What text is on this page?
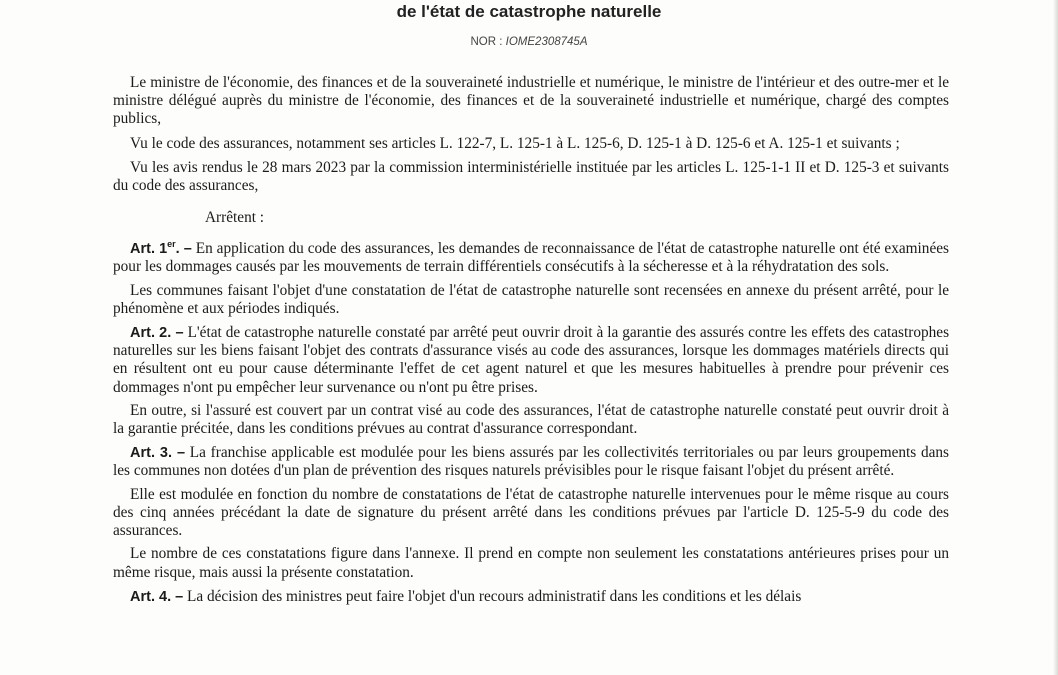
de l'état de catastrophe naturelle
NOR : IOME2308745A

Le ministre de l'économie, des finances et de la souveraineté industrielle et numérique, le ministre de l'intérieur et des outre-mer et le ministre délégué auprès du ministre de l'économie, des finances et de la souveraineté industrielle et numérique, chargé des comptes publics,

Vu le code des assurances, notamment ses articles L. 122-7, L. 125-1 à L. 125-6, D. 125-1 à D. 125-6 et A. 125-1 et suivants ;

Vu les avis rendus le 28 mars 2023 par la commission interministérielle instituée par les articles L. 125-1-1 II et D. 125-3 et suivants du code des assurances,

Arrêtent :

Art. 1er. – En application du code des assurances, les demandes de reconnaissance de l'état de catastrophe naturelle ont été examinées pour les dommages causés par les mouvements de terrain différentiels consécutifs à la sécheresse et à la réhydratation des sols.

Les communes faisant l'objet d'une constatation de l'état de catastrophe naturelle sont recensées en annexe du présent arrêté, pour le phénomène et aux périodes indiqués.

Art. 2. – L'état de catastrophe naturelle constaté par arrêté peut ouvrir droit à la garantie des assurés contre les effets des catastrophes naturelles sur les biens faisant l'objet des contrats d'assurance visés au code des assurances, lorsque les dommages matériels directs qui en résultent ont eu pour cause déterminante l'effet de cet agent naturel et que les mesures habituelles à prendre pour prévenir ces dommages n'ont pu empêcher leur survenance ou n'ont pu être prises.

En outre, si l'assuré est couvert par un contrat visé au code des assurances, l'état de catastrophe naturelle constaté peut ouvrir droit à la garantie précitée, dans les conditions prévues au contrat d'assurance correspondant.

Art. 3. – La franchise applicable est modulée pour les biens assurés par les collectivités territoriales ou par leurs groupements dans les communes non dotées d'un plan de prévention des risques naturels prévisibles pour le risque faisant l'objet du présent arrêté.

Elle est modulée en fonction du nombre de constatations de l'état de catastrophe naturelle intervenues pour le même risque au cours des cinq années précédant la date de signature du présent arrêté dans les conditions prévues par l'article D. 125-5-9 du code des assurances.

Le nombre de ces constatations figure dans l'annexe. Il prend en compte non seulement les constatations antérieures prises pour un même risque, mais aussi la présente constatation.

Art. 4. – La décision des ministres peut faire l'objet d'un recours administratif dans les conditions et les délais
